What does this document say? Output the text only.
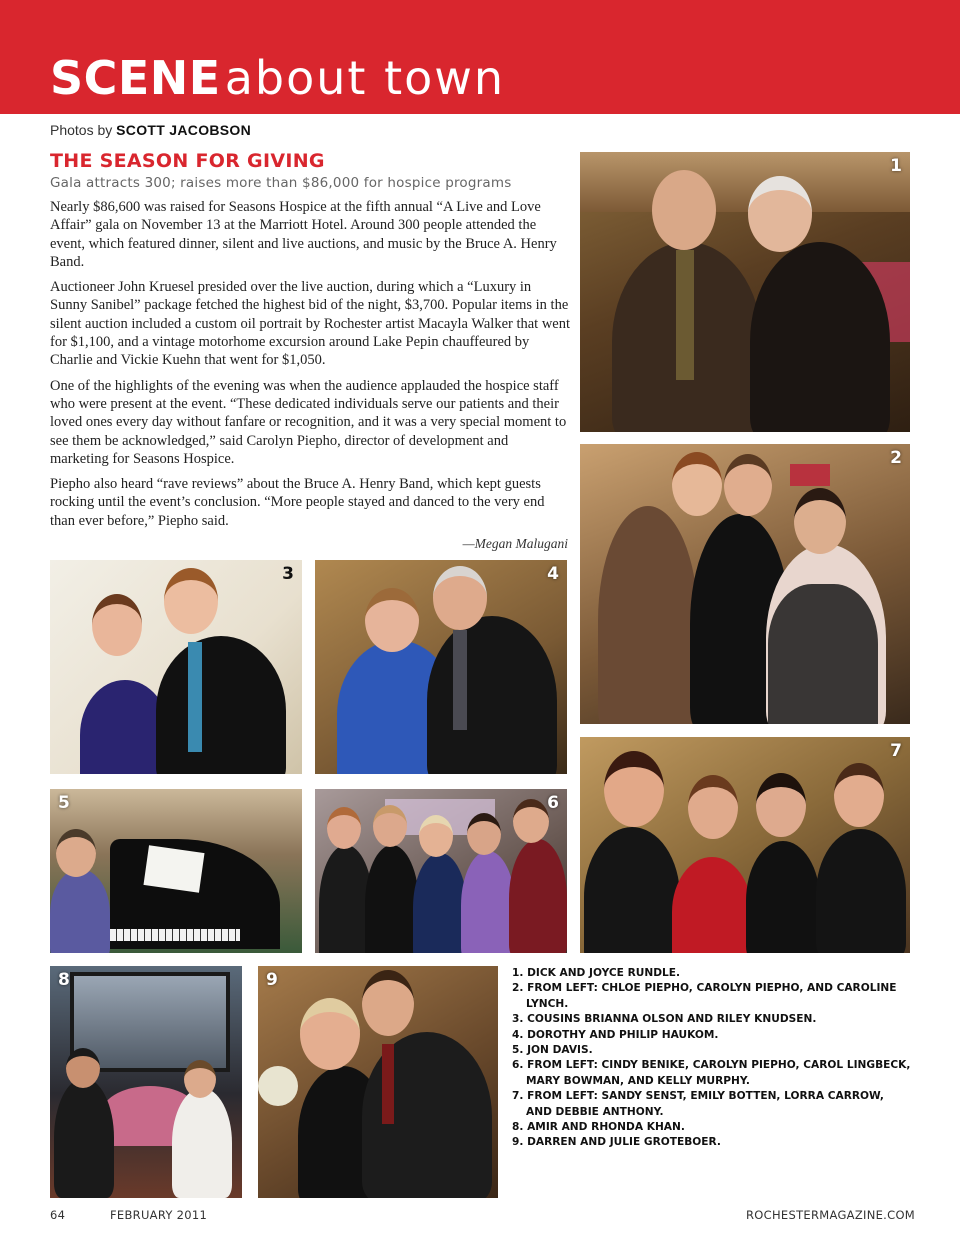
SCENEabout town
Photos by SCOTT JACOBSON
THE SEASON FOR GIVING
Gala attracts 300; raises more than $86,000 for hospice programs

Nearly $86,600 was raised for Seasons Hospice at the fifth annual “A Live and Love Affair” gala on November 13 at the Marriott Hotel. Around 300 people attended the event, which featured dinner, silent and live auctions, and music by the Bruce A. Henry Band.

Auctioneer John Kruesel presided over the live auction, during which a “Luxury in Sunny Sanibel” package fetched the highest bid of the night, $3,700. Popular items in the silent auction included a custom oil portrait by Rochester artist Macayla Walker that went for $1,100, and a vintage motorhome excursion around Lake Pepin chauffeured by Charlie and Vickie Kuehn that went for $1,050.

One of the highlights of the evening was when the audience applauded the hospice staff who were present at the event. “These dedicated individuals serve our patients and their loved ones every day without fanfare or recognition, and it was a very special moment to see them be acknowledged,” said Carolyn Piepho, director of development and marketing for Seasons Hospice.

Piepho also heard “rave reviews” about the Bruce A. Henry Band, which kept guests rocking until the event’s conclusion. “More people stayed and danced to the very end than ever before,” Piepho said.

—Megan Malugani
1
2
3	4
5	6
7
8	9	1. DICK AND JOYCE RUNDLE.
2. FROM LEFT: CHLOE PIEPHO, CAROLYN PIEPHO, AND CAROLINE LYNCH.
3. COUSINS BRIANNA OLSON AND RILEY KNUDSEN.
4. DOROTHY AND PHILIP HAUKOM.
5. JON DAVIS.
6. FROM LEFT: CINDY BENIKE, CAROLYN PIEPHO, CAROL LINGBECK, MARY BOWMAN, AND KELLY MURPHY.
7. FROM LEFT: SANDY SENST, EMILY BOTTEN, LORRA CARROW, AND DEBBIE ANTHONY.
8. AMIR AND RHONDA KHAN.
9. DARREN AND JULIE GROTEBOER.
64	FEBRUARY 2011	ROCHESTERMAGAZINE.COM
